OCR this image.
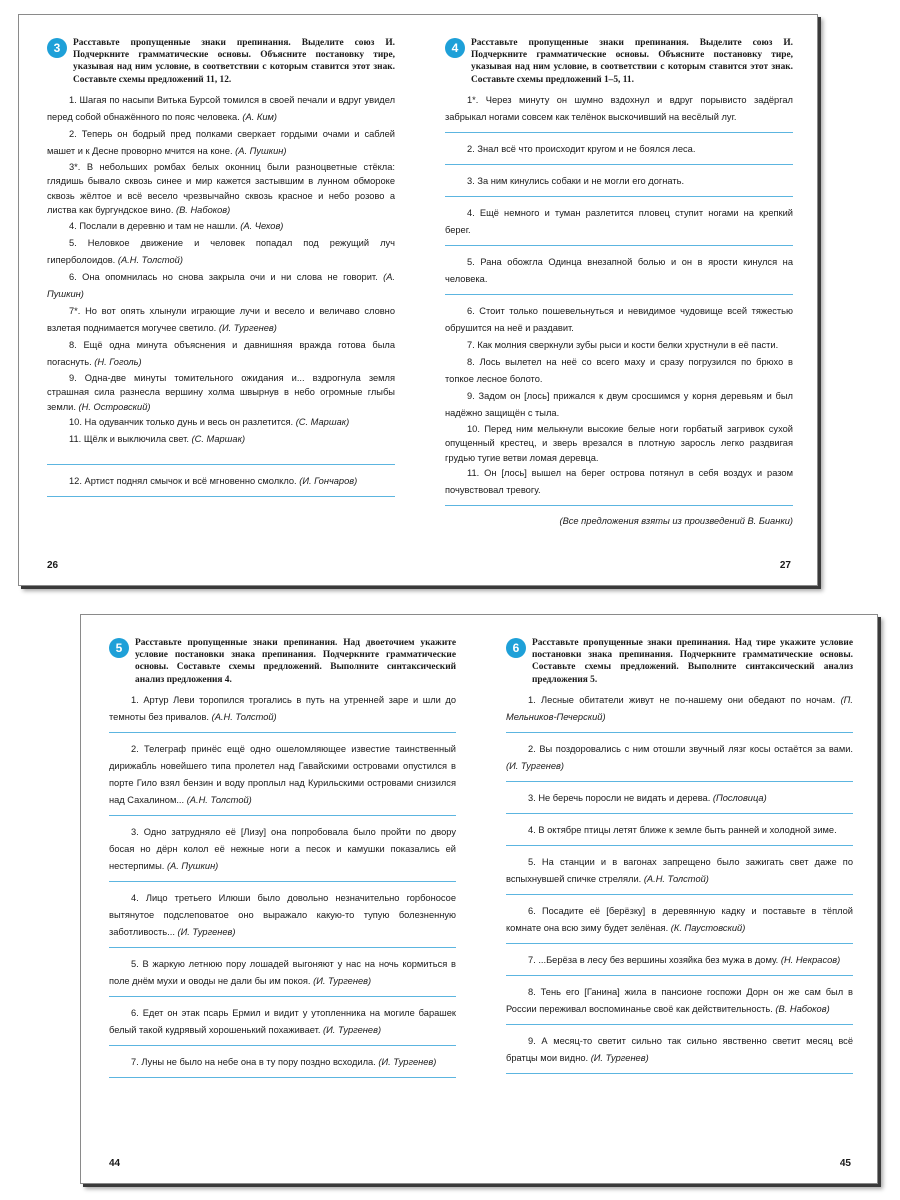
3	Расставьте пропущенные знаки препинания. Выделите союз И. Подчеркните грамматические основы. Объясните постановку тире, указывая над ним условие, в соответствии с которым ставится этот знак. Составьте схемы предложений 11, 12.

1. Шагая по насыпи Витька Бурсой томился в своей печали и вдруг увидел перед собой обнажённого по пояс человека. (А. Ким)

2. Теперь он бодрый пред полками сверкает гордыми очами и саблей машет и к Десне проворно мчится на коне. (А. Пушкин)

3*. В небольших ромбах белых оконниц были разноцветные стёкла: глядишь бывало сквозь синее и мир кажется застывшим в лунном обмороке сквозь жёлтое и всё весело чрезвычайно сквозь красное и небо розово а листва как бургундское вино. (В. Набоков)

4. Послали в деревню и там не нашли. (А. Чехов)

5. Неловкое движение и человек попадал под режущий луч гиперболоидов. (А.Н. Толстой)

6. Она опомнилась но снова закрыла очи и ни слова не говорит. (А. Пушкин)

7*. Но вот опять хлынули играющие лучи и весело и величаво словно взлетая поднимается могучее светило. (И. Тургенев)

8. Ещё одна минута объяснения и давнишняя вражда готова была погаснуть. (Н. Гоголь)

9. Одна-две минуты томительного ожидания и... вздрогнула земля страшная сила разнесла вершину холма швырнув в небо огромные глыбы земли. (Н. Островский)

10. На одуванчик только дунь и весь он разлетится. (С. Маршак)

11. Щёлк и выключила свет. (С. Маршак)

12. Артист поднял смычок и всё мгновенно смолкло. (И. Гончаров)

26
4	Расставьте пропущенные знаки препинания. Выделите союз И. Подчеркните грамматические основы. Объясните постановку тире, указывая над ним условие, в соответствии с которым ставится этот знак. Составьте схемы предложений 1–5, 11.

1*. Через минуту он шумно вздохнул и вдруг порывисто задёргал забрыкал ногами совсем как телёнок выскочивший на весёлый луг.

2. Знал всё что происходит кругом и не боялся леса.

3. За ним кинулись собаки и не могли его догнать.

4. Ещё немного и туман разлетится пловец ступит ногами на крепкий берег.

5. Рана обожгла Одинца внезапной болью и он в ярости кинулся на человека.

6. Стоит только пошевельнуться и невидимое чудовище всей тяжестью обрушится на неё и раздавит.

7. Как молния сверкнули зубы рыси и кости белки хрустнули в её пасти.

8. Лось вылетел на неё со всего маху и сразу погрузился по брюхо в топкое лесное болото.

9. Задом он [лось] прижался к двум сросшимся у корня деревьям и был надёжно защищён с тыла.

10. Перед ним мелькнули высокие белые ноги горбатый загривок сухой опущенный крестец, и зверь врезался в плотную заросль легко раздвигая грудью тугие ветви ломая деревца.

11. Он [лось] вышел на берег острова потянул в себя воздух и разом почувствовал тревогу.

(Все предложения взяты из произведений В. Бианки)

27
5	Расставьте пропущенные знаки препинания. Над двоеточием укажите условие постановки знака препинания. Подчеркните грамматические основы. Составьте схемы предложений. Выполните синтаксический анализ предложения 4.

1. Артур Леви торопился трогались в путь на утренней заре и шли до темноты без привалов. (А.Н. Толстой)

2. Телеграф принёс ещё одно ошеломляющее известие таинственный дирижабль новейшего типа пролетел над Гавайскими островами опустился в порте Гило взял бензин и воду проплыл над Курильскими островами снизился над Сахалином... (А.Н. Толстой)

3. Одно затрудняло её [Лизу] она попробовала было пройти по двору босая но дёрн колол её нежные ноги а песок и камушки показались ей нестерпимы. (А. Пушкин)

4. Лицо третьего Илюши было довольно незначительно горбоносое вытянутое подслеповатое оно выражало какую-то тупую болезненную заботливость... (И. Тургенев)

5. В жаркую летнюю пору лошадей выгоняют у нас на ночь кормиться в поле днём мухи и оводы не дали бы им покоя. (И. Тургенев)

6. Едет он этак псарь Ермил и видит у утопленника на могиле барашек белый такой кудрявый хорошенький похаживает. (И. Тургенев)

7. Луны не было на небе она в ту пору поздно всходила. (И. Тургенев)

44
6	Расставьте пропущенные знаки препинания. Над тире укажите условие постановки знака препинания. Подчеркните грамматические основы. Составьте схемы предложений. Выполните синтаксический анализ предложения 5.

1. Лесные обитатели живут не по-нашему они обедают по ночам. (П. Мельников-Печерский)

2. Вы поздоровались с ним отошли звучный лязг косы остаётся за вами. (И. Тургенев)

3. Не беречь поросли не видать и дерева. (Пословица)

4. В октябре птицы летят ближе к земле быть ранней и холодной зиме.

5. На станции и в вагонах запрещено было зажигать свет даже по вспыхнувшей спичке стреляли. (А.Н. Толстой)

6. Посадите её [берёзку] в деревянную кадку и поставьте в тёплой комнате она всю зиму будет зелёная. (К. Паустовский)

7. ...Берёза в лесу без вершины хозяйка без мужа в дому. (Н. Некрасов)

8. Тень его [Ганина] жила в пансионе госпожи Дорн он же сам был в России переживал воспоминанье своё как действительность. (В. Набоков)

9. А месяц-то светит сильно так сильно явственно светит месяц всё братцы мои видно. (И. Тургенев)

45
